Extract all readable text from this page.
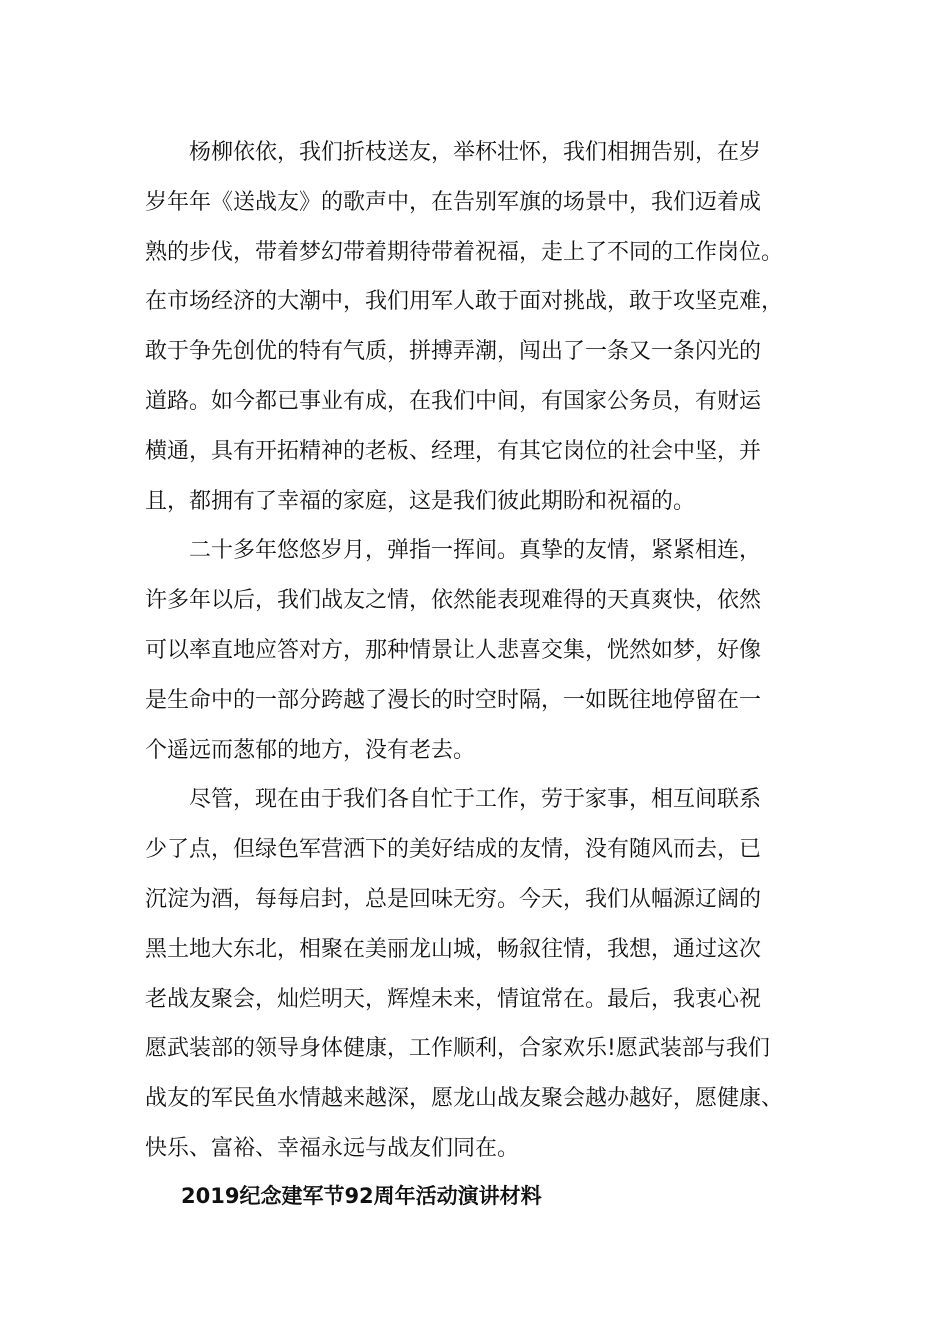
杨柳依依，我们折枝送友，举杯壮怀，我们相拥告别，在岁
岁年年《送战友》的歌声中，在告别军旗的场景中，我们迈着成
熟的步伐，带着梦幻带着期待带着祝福，走上了不同的工作岗位。
在市场经济的大潮中，我们用军人敢于面对挑战，敢于攻坚克难，
敢于争先创优的特有气质，拼搏弄潮，闯出了一条又一条闪光的
道路。如今都已事业有成，在我们中间，有国家公务员，有财运
横通，具有开拓精神的老板、经理，有其它岗位的社会中坚，并
且，都拥有了幸福的家庭，这是我们彼此期盼和祝福的。
二十多年悠悠岁月，弹指一挥间。真挚的友情，紧紧相连，
许多年以后，我们战友之情，依然能表现难得的天真爽快，依然
可以率直地应答对方，那种情景让人悲喜交集，恍然如梦，好像
是生命中的一部分跨越了漫长的时空时隔，一如既往地停留在一
个遥远而葱郁的地方，没有老去。
尽管，现在由于我们各自忙于工作，劳于家事，相互间联系
少了点，但绿色军营洒下的美好结成的友情，没有随风而去，已
沉淀为酒，每每启封，总是回味无穷。今天，我们从幅源辽阔的
黑土地大东北，相聚在美丽龙山城，畅叙往情，我想，通过这次
老战友聚会，灿烂明天，辉煌未来，情谊常在。最后，我衷心祝
愿武装部的领导身体健康，工作顺利，合家欢乐!愿武装部与我们
战友的军民鱼水情越来越深，愿龙山战友聚会越办越好，愿健康、
快乐、富裕、幸福永远与战友们同在。
2019纪念建军节92周年活动演讲材料
